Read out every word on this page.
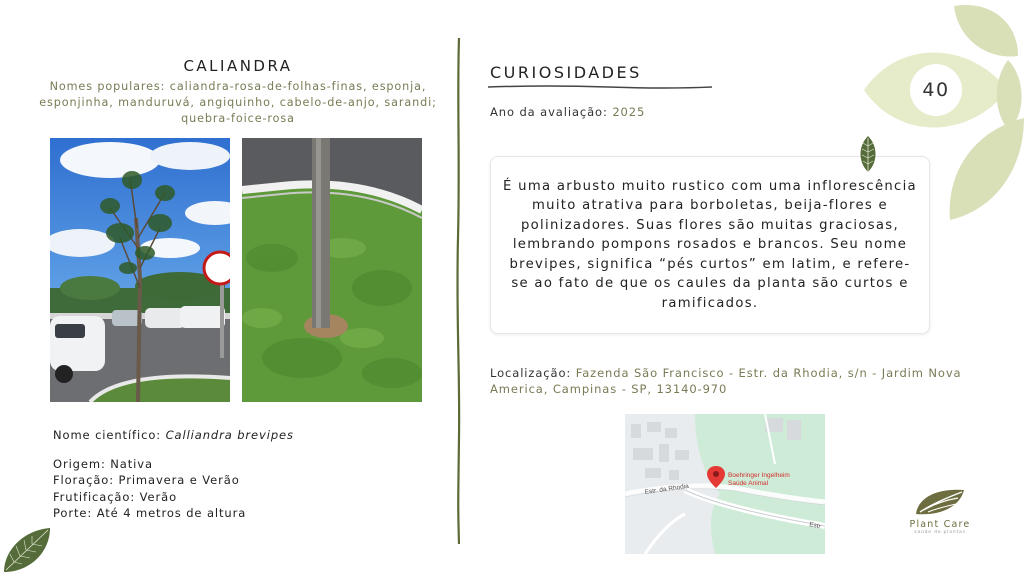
CALIANDRA
Nomes populares: caliandra-rosa-de-folhas-finas, esponja, esponjinha, manduruvá, angiquinho, cabelo-de-anjo, sarandi; quebra-foice-rosa
Nome científico: Calliandra brevipes
Origem: Nativa
Floração: Primavera e Verão
Frutificação: Verão
Porte: Até 4 metros de altura
CURIOSIDADES
Ano da avaliação: 2025

É uma arbusto muito rustico com uma inflorescência muito atrativa para borboletas, beija-flores e polinizadores. Suas flores são muitas graciosas, lembrando pompons rosados e brancos. Seu nome brevipes, significa “pés curtos” em latim, e refere-se ao fato de que os caules da planta são curtos e ramificados.

Localização: Fazenda São Francisco - Estr. da Rhodia, s/n - Jardim Nova America, Campinas - SP, 13140-970
Estr. da Rhodia
Estr
Boehringer Ingelheim
Saúde Animal
40
Plant Care
saúde de plantas
